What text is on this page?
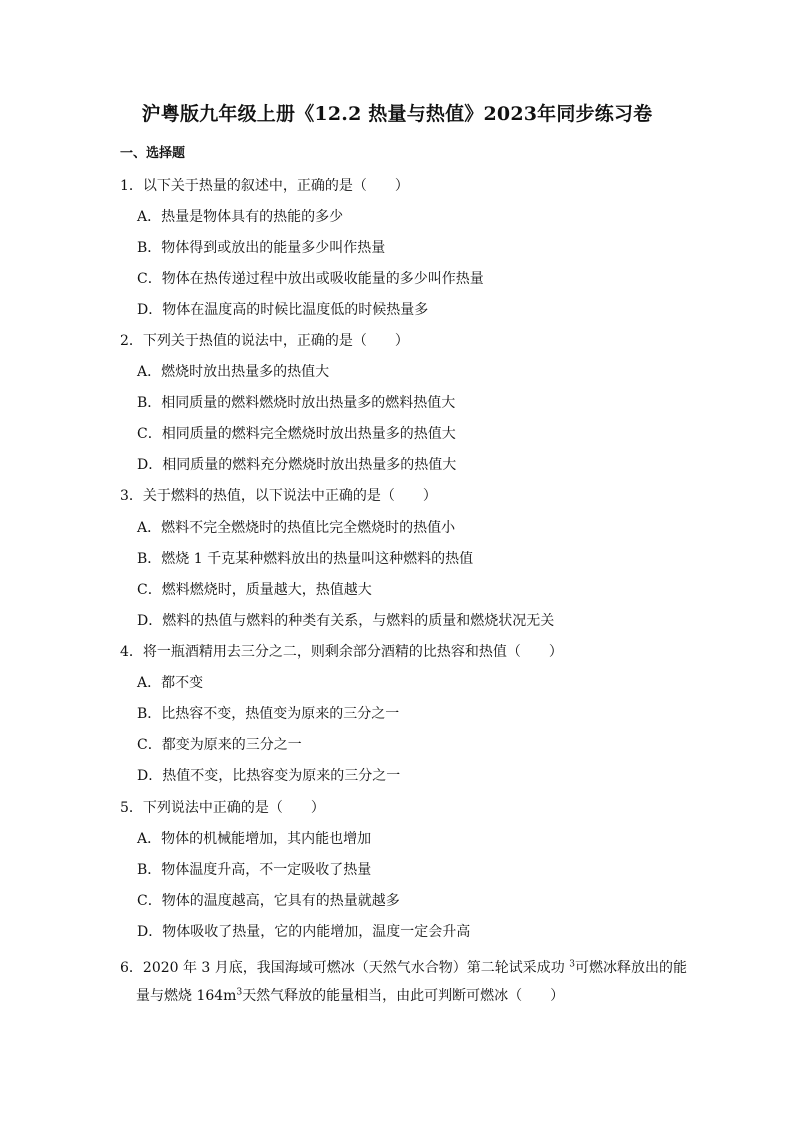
沪粤版九年级上册《12.2 热量与热值》2023年同步练习卷
一、选择题
1．以下关于热量的叙述中，正确的是（　　）
A．热量是物体具有的热能的多少
B．物体得到或放出的能量多少叫作热量
C．物体在热传递过程中放出或吸收能量的多少叫作热量
D．物体在温度高的时候比温度低的时候热量多
2．下列关于热值的说法中，正确的是（　　）
A．燃烧时放出热量多的热值大
B．相同质量的燃料燃烧时放出热量多的燃料热值大
C．相同质量的燃料完全燃烧时放出热量多的热值大
D．相同质量的燃料充分燃烧时放出热量多的热值大
3．关于燃料的热值，以下说法中正确的是（　　）
A．燃料不完全燃烧时的热值比完全燃烧时的热值小
B．燃烧 1 千克某种燃料放出的热量叫这种燃料的热值
C．燃料燃烧时，质量越大，热值越大
D．燃料的热值与燃料的种类有关系，与燃料的质量和燃烧状况无关
4．将一瓶酒精用去三分之二，则剩余部分酒精的比热容和热值（　　）
A．都不变
B．比热容不变，热值变为原来的三分之一
C．都变为原来的三分之一
D．热值不变，比热容变为原来的三分之一
5．下列说法中正确的是（　　）
A．物体的机械能增加，其内能也增加
B．物体温度升高，不一定吸收了热量
C．物体的温度越高，它具有的热量就越多
D．物体吸收了热量，它的内能增加，温度一定会升高
6．2020 年 3 月底，我国海域可燃冰（天然气水合物）第二轮试采成功 $^3$可燃冰释放出的能
量与燃烧 $164m^3$天然气释放的能量相当，由此可判断可燃冰（　　）
